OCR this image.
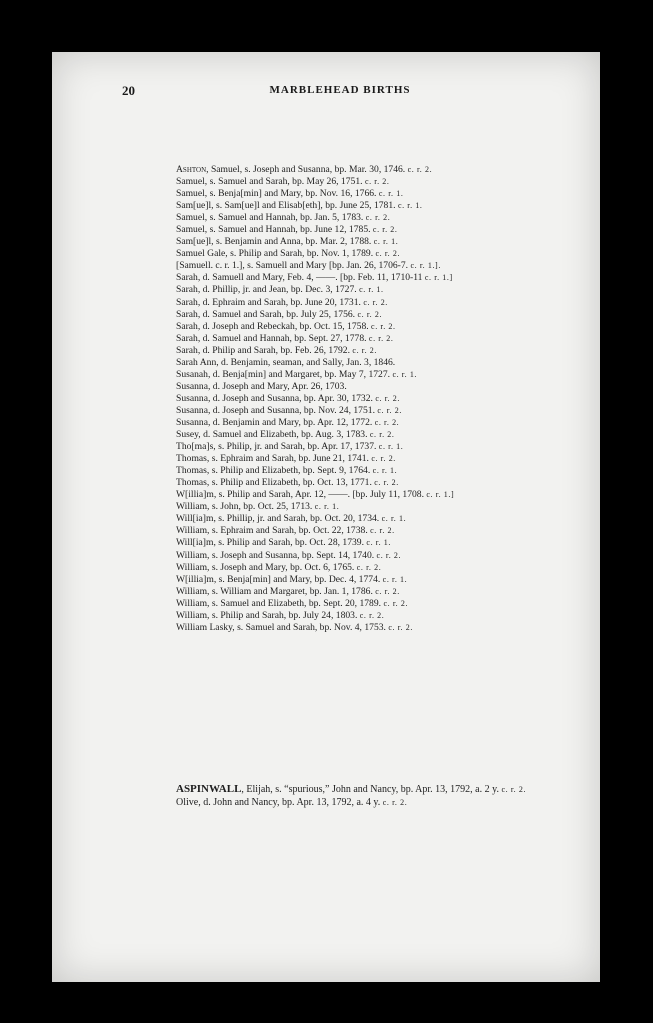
20	MARBLEHEAD BIRTHS
Ashton, Samuel, s. Joseph and Susanna, bp. Mar. 30, 1746. c. r. 2.
Samuel, s. Samuel and Sarah, bp. May 26, 1751. c. r. 2.
Samuel, s. Benja[min] and Mary, bp. Nov. 16, 1766. c. r. 1.
Sam[ue]l, s. Sam[ue]l and Elisab[eth], bp. June 25, 1781. c. r. 1.
Samuel, s. Samuel and Hannah, bp. Jan. 5, 1783. c. r. 2.
Samuel, s. Samuel and Hannah, bp. June 12, 1785. c. r. 2.
Sam[ue]l, s. Benjamin and Anna, bp. Mar. 2, 1788. c. r. 1.
Samuel Gale, s. Philip and Sarah, bp. Nov. 1, 1789. c. r. 2.
[Samuell. c. r. 1.], s. Samuell and Mary [bp. Jan. 26, 1706-7. c. r. 1.].
Sarah, d. Samuell and Mary, Feb. 4, ——. [bp. Feb. 11, 1710-11 c. r. 1.]
Sarah, d. Phillip, jr. and Jean, bp. Dec. 3, 1727. c. r. 1.
Sarah, d. Ephraim and Sarah, bp. June 20, 1731. c. r. 2.
Sarah, d. Samuel and Sarah, bp. July 25, 1756. c. r. 2.
Sarah, d. Joseph and Rebeckah, bp. Oct. 15, 1758. c. r. 2.
Sarah, d. Samuel and Hannah, bp. Sept. 27, 1778. c. r. 2.
Sarah, d. Philip and Sarah, bp. Feb. 26, 1792. c. r. 2.
Sarah Ann, d. Benjamin, seaman, and Sally, Jan. 3, 1846.
Susanah, d. Benja[min] and Margaret, bp. May 7, 1727. c. r. 1.
Susanna, d. Joseph and Mary, Apr. 26, 1703.
Susanna, d. Joseph and Susanna, bp. Apr. 30, 1732. c. r. 2.
Susanna, d. Joseph and Susanna, bp. Nov. 24, 1751. c. r. 2.
Susanna, d. Benjamin and Mary, bp. Apr. 12, 1772. c. r. 2.
Susey, d. Samuel and Elizabeth, bp. Aug. 3, 1783. c. r. 2.
Tho[ma]s, s. Philip, jr. and Sarah, bp. Apr. 17, 1737. c. r. 1.
Thomas, s. Ephraim and Sarah, bp. June 21, 1741. c. r. 2.
Thomas, s. Philip and Elizabeth, bp. Sept. 9, 1764. c. r. 1.
Thomas, s. Philip and Elizabeth, bp. Oct. 13, 1771. c. r. 2.
W[illia]m, s. Philip and Sarah, Apr. 12, ——. [bp. July 11, 1708. c. r. 1.]
William, s. John, bp. Oct. 25, 1713. c. r. 1.
Will[ia]m, s. Phillip, jr. and Sarah, bp. Oct. 20, 1734. c. r. 1.
William, s. Ephraim and Sarah, bp. Oct. 22, 1738. c. r. 2.
Will[ia]m, s. Philip and Sarah, bp. Oct. 28, 1739. c. r. 1.
William, s. Joseph and Susanna, bp. Sept. 14, 1740. c. r. 2.
William, s. Joseph and Mary, bp. Oct. 6, 1765. c. r. 2.
W[illia]m, s. Benja[min] and Mary, bp. Dec. 4, 1774. c. r. 1.
William, s. William and Margaret, bp. Jan. 1, 1786. c. r. 2.
William, s. Samuel and Elizabeth, bp. Sept. 20, 1789. c. r. 2.
William, s. Philip and Sarah, bp. July 24, 1803. c. r. 2.
William Lasky, s. Samuel and Sarah, bp. Nov. 4, 1753. c. r. 2.
ASPINWALL, Elijah, s. “spurious,” John and Nancy, bp. Apr. 13, 1792, a. 2 y. c. r. 2.
Olive, d. John and Nancy, bp. Apr. 13, 1792, a. 4 y. c. r. 2.
